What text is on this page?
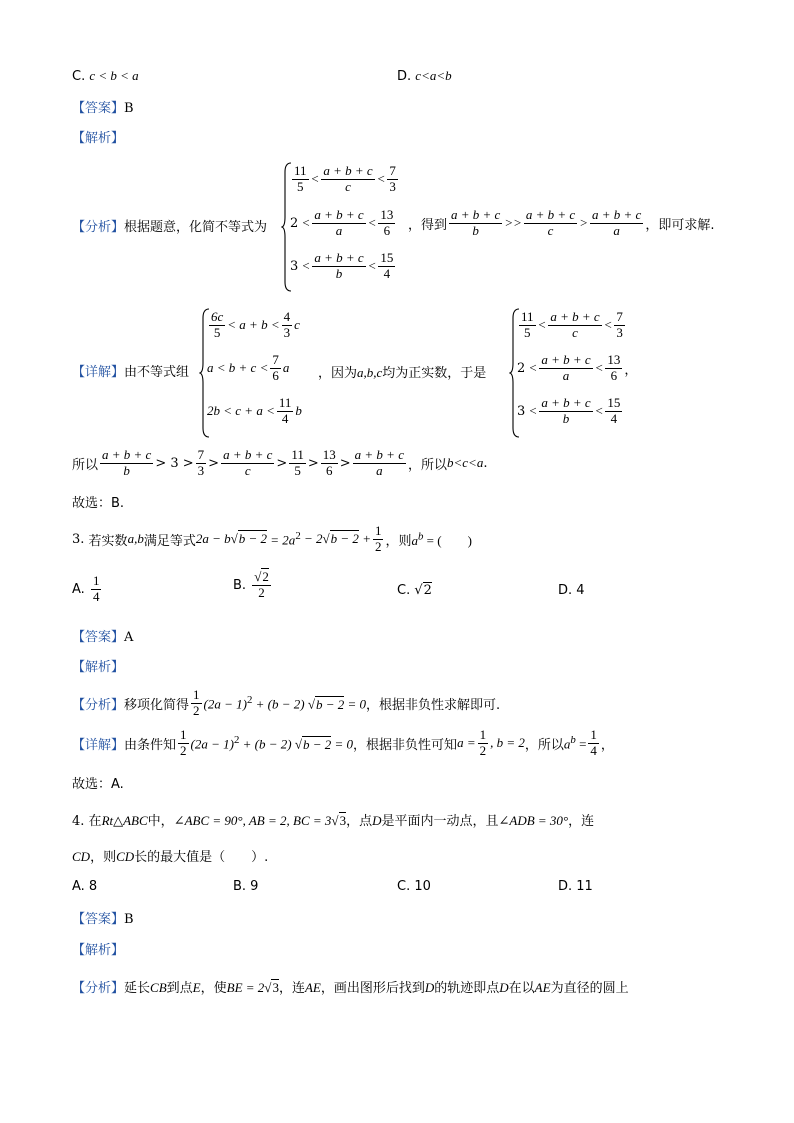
C. c < b < a	D. c<a<b
【答案】B
【解析】
【分析】根据题意，化简不等式为
$\frac{11}{5} < \frac{a + b + c}{c} < \frac{7}{3}$
$2 < \frac{a + b + c}{a} < \frac{13}{6}$
$3 < \frac{a + b + c}{b} < \frac{15}{4}$
，得到 $\frac{a + b + c}{b} >> \frac{a + b + c}{c} > \frac{a + b + c}{a}$ ，即可求解.
【详解】由不等式组
$\frac{6c}{5} < a + b < \frac{4}{3}$ c
$a < b + c < \frac{7}{6}$ a
$2b < c + a < \frac{11}{4}$ b
，因为a,b,c均为正实数，于是
$\frac{11}{5} < \frac{a + b + c}{c} < \frac{7}{3}$
$2 < \frac{a + b + c}{a} < \frac{13}{6}$ ，
$3 < \frac{a + b + c}{b} < \frac{15}{4}$
所以 $\frac{a + b + c}{b} > 3 > \frac{7}{3} > \frac{a + b + c}{c} > \frac{11}{5} > \frac{13}{6} > \frac{a + b + c}{a}$ ，所以 b<c<a .
故选：B.
3.
若实数 a,b 满足等式 2a − b $√b - 2 = 2a^2 - 2√b - 2 + \frac{1}{2}$ ，则 $a^b$ = (　　)
A.
$\frac{1}{4}$	B.
$\frac{√2}{2}$	C.
√2	D. 4
【答案】A
【解析】
【分析】 移项化简得 $\frac{1}{2} (2a - 1)^2 + (b - 2) √b - 2 = 0$ ，根据非负性求解即可.
【详解】 由条件知 $\frac{1}{2} (2a - 1)^2 + (b - 2) √b - 2 = 0$ ，根据非负性可知 $a = \frac{1}{2}$ , b = 2 ，所以 $a^b = \frac{1}{4}$ ，
故选：A.
4. 在Rt△ABC中，∠ABC = 90°, AB = 2, BC = 3√3，点D是平面内一动点，且∠ADB = 30°，连
CD，则CD长的最大值是（　　）.
A. 8	B. 9	C. 10	D. 11
【答案】B
【解析】
【分析】延长CB到点E，使BE = 2√3，连AE，画出图形后找到D的轨迹即点D在以AE为直径的圆上
